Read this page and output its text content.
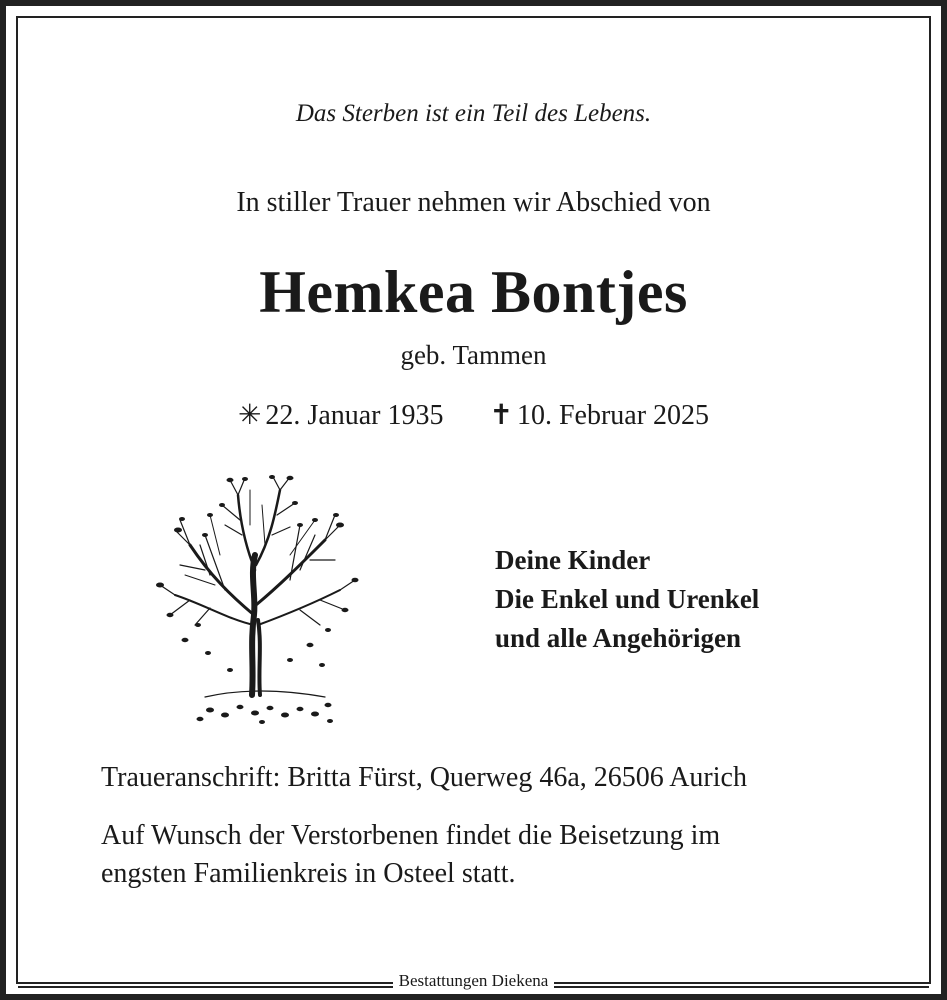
Das Sterben ist ein Teil des Lebens.
In stiller Trauer nehmen wir Abschied von
Hemkea Bontjes
geb. Tammen
✳ 22. Januar 1935 ✝ 10. Februar 2025
Deine Kinder
Die Enkel und Urenkel
und alle Angehörigen
Traueranschrift: Britta Fürst, Querweg 46a, 26506 Aurich
Auf Wunsch der Verstorbenen findet die Beisetzung im
engsten Familienkreis in Osteel statt.
Bestattungen Diekena
